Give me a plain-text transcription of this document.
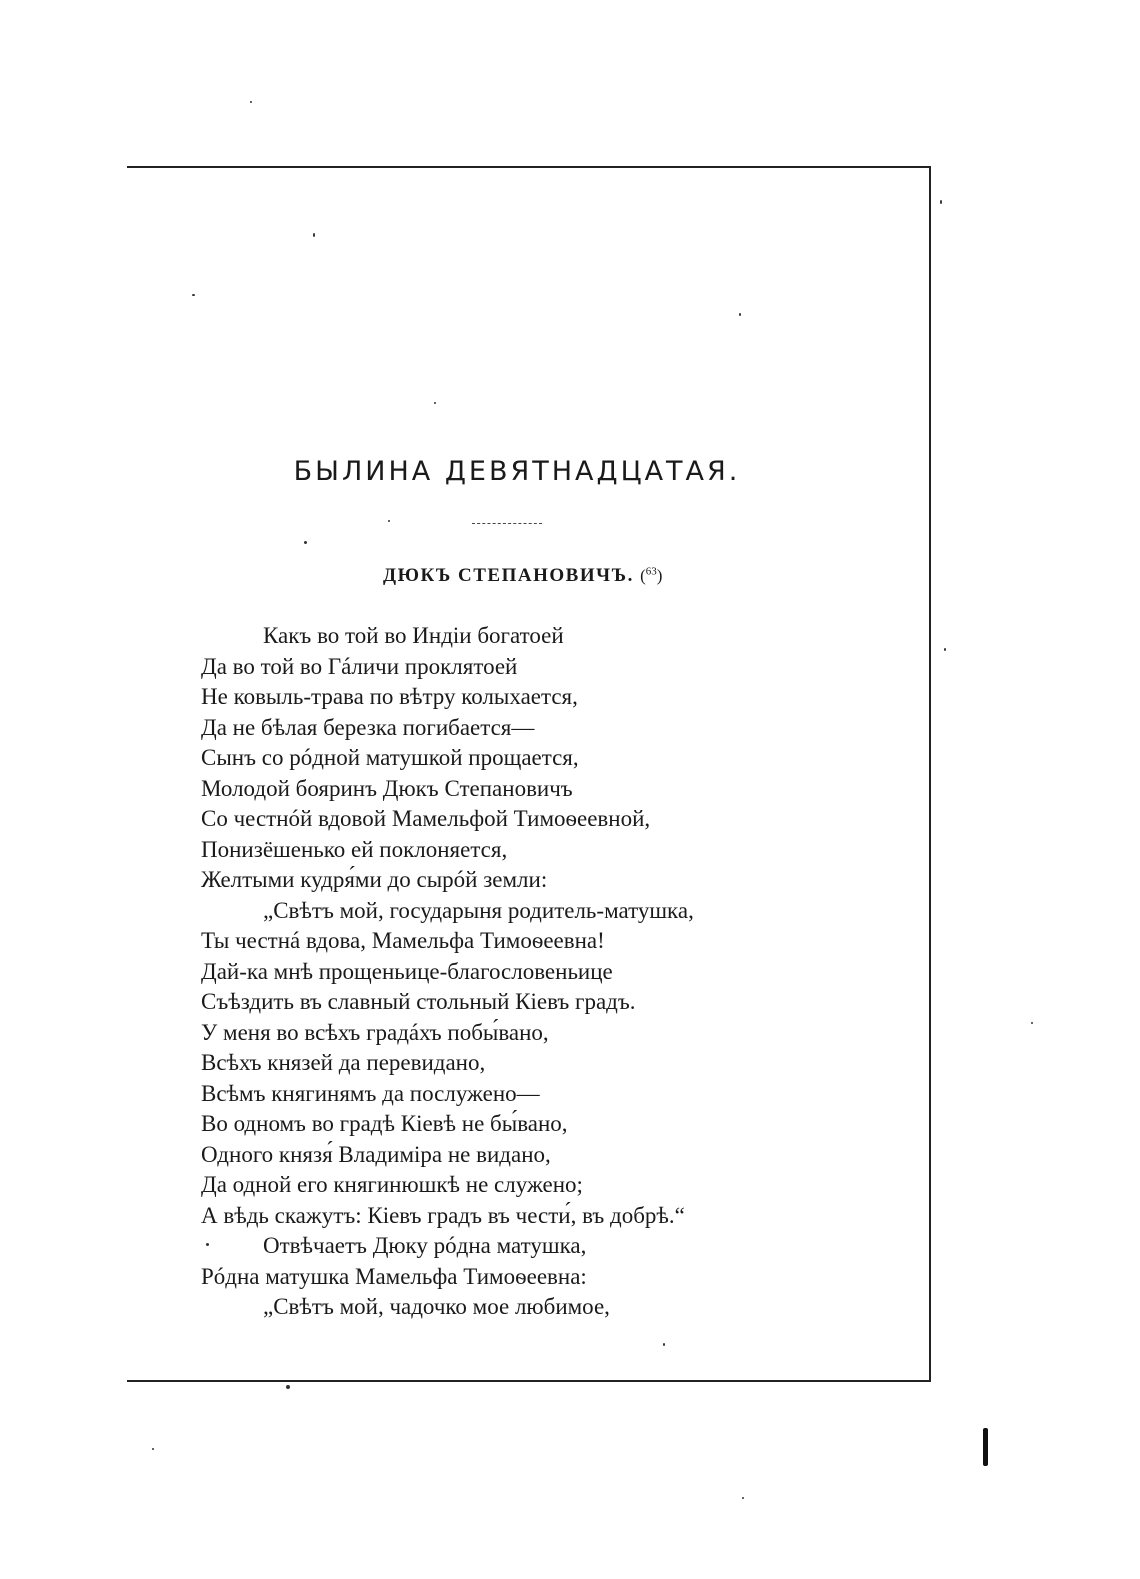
БЫЛИНА ДЕВЯТНАДЦАТАЯ.
ДЮКЪ СТЕПАНОВИЧЪ. ($^{63}$)
Какъ во той во Индiи богатоей
Да во той во Гáличи проклятоей
Не ковыль-трава по вѣтру колыхается,
Да не бѣлая березка погибается—
Сынъ со рóдной матушкой прощается,
Молодой бояринъ Дюкъ Степановичъ
Со честнóй вдовой Мамельфой Тимоѳеевной,
Понизёшенько ей поклоняется,
Желтыми кудря́ми до сырóй земли:
„Свѣтъ мой, государыня родитель-матушка,
Ты честнá вдова, Мамельфа Тимоѳеевна!
Дай-ка мнѣ прощеньице-благословеньице
Съѣздить въ славный стольный Кiевъ градъ.
У меня во всѣхъ градáхъ побы́вано,
Всѣхъ князей да перевидано,
Всѣмъ княгинямъ да послужено—
Во одномъ во градѣ Кiевѣ не бы́вано,
Одного князя́ Владимiра не видано,
Да одной его княгинюшкѣ не служено;
А вѣдь скажутъ: Кiевъ градъ въ чести́, въ добрѣ.“
Отвѣчаетъ Дюку рóдна матушка,
Рóдна матушка Мамельфа Тимоѳеевна:
„Свѣтъ мой, чадочко мое любимое,
